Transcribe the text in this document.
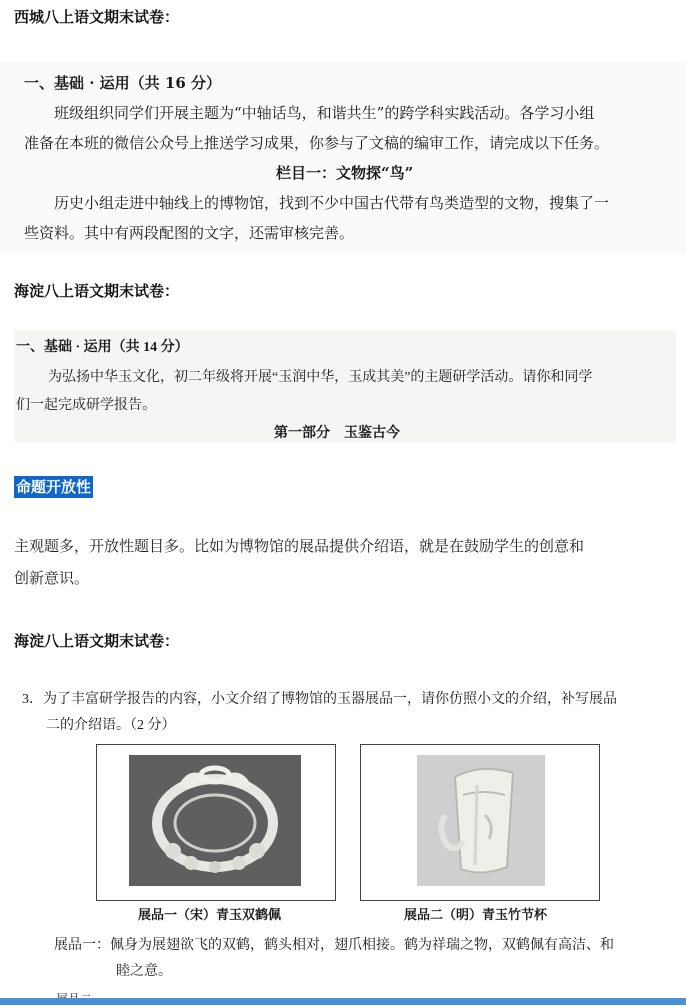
西城八上语文期末试卷：
一、基础 · 运用（共 16 分）
班级组织同学们开展主题为“中轴话鸟，和谐共生”的跨学科实践活动。各学习小组
准备在本班的微信公众号上推送学习成果，你参与了文稿的编审工作，请完成以下任务。
栏目一：文物探“鸟”
历史小组走进中轴线上的博物馆，找到不少中国古代带有鸟类造型的文物，搜集了一
些资料。其中有两段配图的文字，还需审核完善。
海淀八上语文期末试卷：
一、基础 · 运用（共 14 分）
为弘扬中华玉文化，初二年级将开展“玉润中华，玉成其美”的主题研学活动。请你和同学
们一起完成研学报告。
第一部分　玉鉴古今
命题开放性
主观题多，开放性题目多。比如为博物馆的展品提供介绍语，就是在鼓励学生的创意和
创新意识。
海淀八上语文期末试卷：
3．为了丰富研学报告的内容，小文介绍了博物馆的玉器展品一，请你仿照小文的介绍，补写展品
二的介绍语。（2 分）
展品一（宋）青玉双鹤佩	展品二（明）青玉竹节杯
展品一：佩身为展翅欲飞的双鹤，鹤头相对，翅爪相接。鹤为祥瑞之物，双鹤佩有高洁、和
睦之意。
